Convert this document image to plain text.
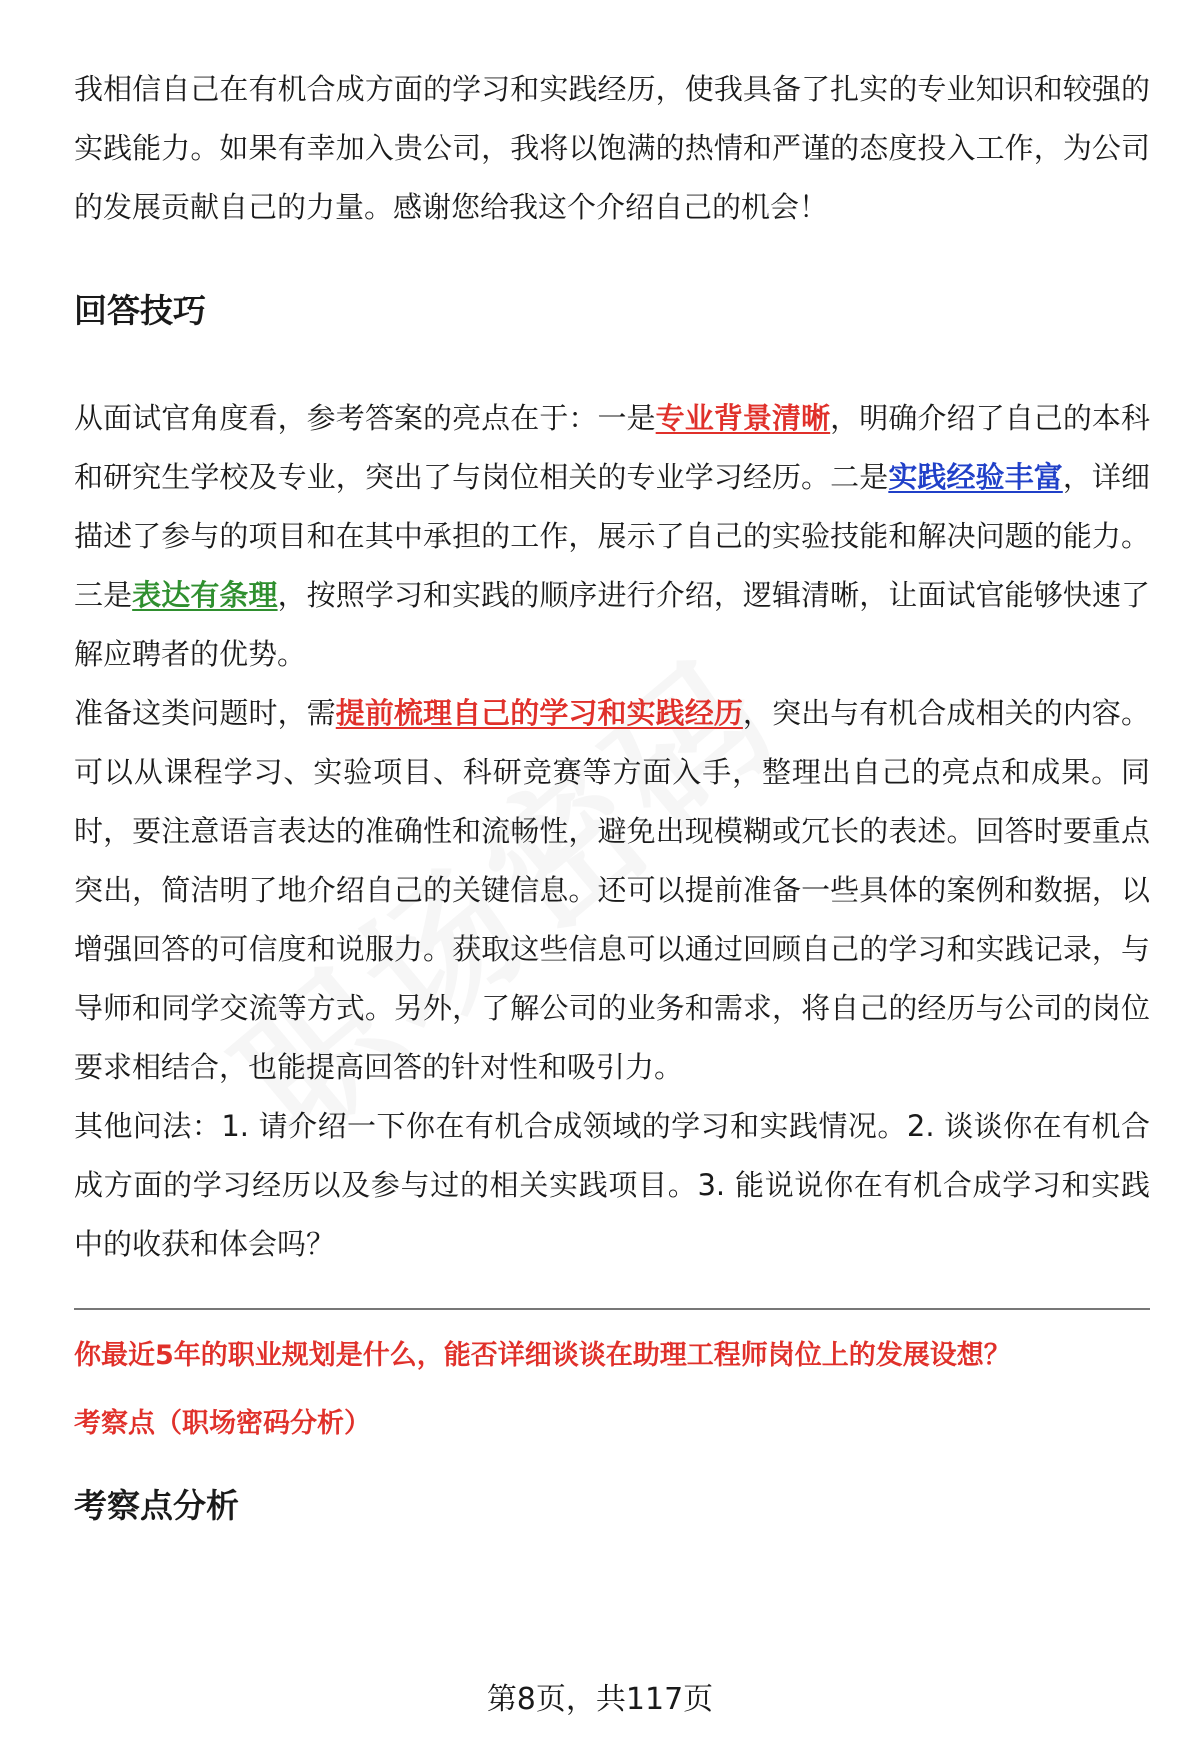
我相信自己在有机合成方面的学习和实践经历，使我具备了扎实的专业知识和较强的实践能力。如果有幸加入贵公司，我将以饱满的热情和严谨的态度投入工作，为公司的发展贡献自己的力量。感谢您给我这个介绍自己的机会！

回答技巧

从面试官角度看，参考答案的亮点在于：一是专业背景清晰，明确介绍了自己的本科和研究生学校及专业，突出了与岗位相关的专业学习经历。二是实践经验丰富，详细描述了参与的项目和在其中承担的工作，展示了自己的实验技能和解决问题的能力。三是表达有条理，按照学习和实践的顺序进行介绍，逻辑清晰，让面试官能够快速了解应聘者的优势。

准备这类问题时，需提前梳理自己的学习和实践经历，突出与有机合成相关的内容。可以从课程学习、实验项目、科研竞赛等方面入手，整理出自己的亮点和成果。同时，要注意语言表达的准确性和流畅性，避免出现模糊或冗长的表述。回答时要重点突出，简洁明了地介绍自己的关键信息。还可以提前准备一些具体的案例和数据，以增强回答的可信度和说服力。获取这些信息可以通过回顾自己的学习和实践记录，与导师和同学交流等方式。另外，了解公司的业务和需求，将自己的经历与公司的岗位要求相结合，也能提高回答的针对性和吸引力。

其他问法：1. 请介绍一下你在有机合成领域的学习和实践情况。2. 谈谈你在有机合成方面的学习经历以及参与过的相关实践项目。3. 能说说你在有机合成学习和实践中的收获和体会吗？

你最近5年的职业规划是什么，能否详细谈谈在助理工程师岗位上的发展设想？

考察点（职场密码分析）

考察点分析
第8页，共117页
